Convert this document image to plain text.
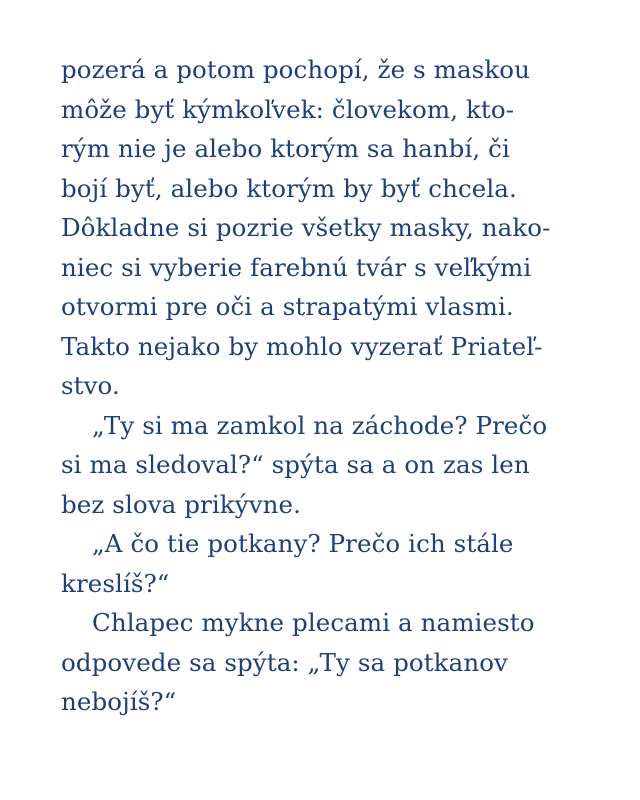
pozerá a potom pochopí, že s maskou
môže byť kýmkoľvek: človekom, kto-
rým nie je alebo ktorým sa hanbí, či
bojí byť, alebo ktorým by byť chcela.
Dôkladne si pozrie všetky masky, nako-
niec si vyberie farebnú tvár s veľkými
otvormi pre oči a strapatými vlasmi.
Takto nejako by mohlo vyzerať Priateľ-
stvo.
„Ty si ma zamkol na záchode? Prečo
si ma sledoval?“ spýta sa a on zas len
bez slova prikývne.
„A čo tie potkany? Prečo ich stále
kreslíš?“
Chlapec mykne plecami a namiesto
odpovede sa spýta: „Ty sa potkanov
nebojíš?“
